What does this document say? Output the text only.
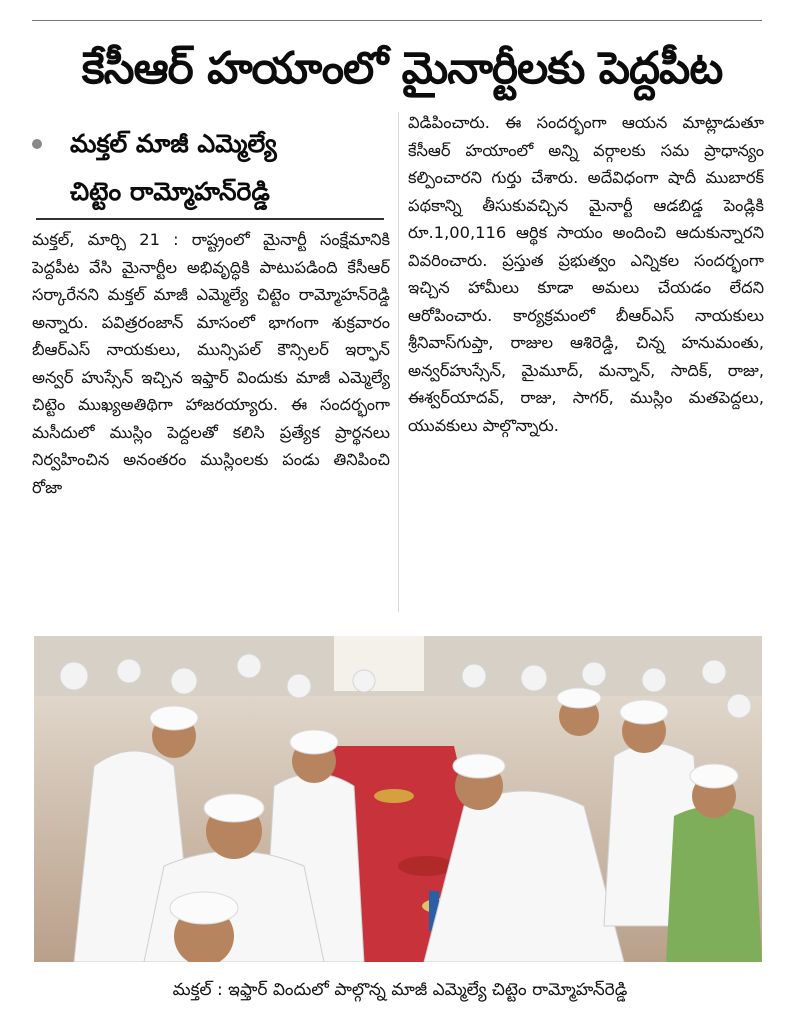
కేసీఆర్ హయాంలో మైనార్టీలకు పెద్దపీట
మక్తల్ మాజీ ఎమ్మెల్యే
చిట్టెం రామ్మోహన్‌రెడ్డి
మక్తల్, మార్చి 21 : రాష్ట్రంలో మైనార్టీ సంక్షేమానికి పెద్దపీట వేసి మైనార్టీల అభివృద్ధికి పాటుపడింది కేసీఆర్ సర్కారేనని మక్తల్ మాజీ ఎమ్మెల్యే చిట్టెం రామ్మోహన్‌రెడ్డి అన్నారు. పవిత్రరంజాన్ మాసంలో భాగంగా శుక్రవారం బీఆర్‌ఎస్ నాయకులు, మున్సిపల్ కౌన్సిలర్ ఇర్ఫాన్ అన్వర్ హుస్సేన్ ఇచ్చిన ఇఫ్తార్ విందుకు మాజీ ఎమ్మెల్యే చిట్టెం ముఖ్యఅతిథిగా హాజరయ్యారు. ఈ సందర్భంగా మసీదులో ముస్లిం పెద్దలతో కలిసి ప్రత్యేక ప్రార్థనలు నిర్వహించిన అనంతరం ముస్లింలకు పండు తినిపించి రోజా
విడిపించారు. ఈ సందర్భంగా ఆయన మాట్లాడుతూ కేసీఆర్ హయాంలో అన్ని వర్గాలకు సమ ప్రాధాన్యం కల్పించారని గుర్తు చేశారు. అదేవిధంగా షాదీ ముబారక్ పథకాన్ని తీసుకువచ్చిన మైనార్టీ ఆడబిడ్డ పెండ్లికి రూ.1,00,116 ఆర్థిక సాయం అందించి ఆదుకున్నారని వివరించారు. ప్రస్తుత ప్రభుత్వం ఎన్నికల సందర్భంగా ఇచ్చిన హామీలు కూడా అమలు చేయడం లేదని ఆరోపించారు. కార్యక్రమంలో బీఆర్‌ఎస్ నాయకులు శ్రీనివాస్‌గుప్తా, రాజుల ఆశిరెడ్డి, చిన్న హనుమంతు, అన్వర్‌హుస్సేన్, మైమూద్, మన్నాన్, సాదిక్, రాజు, ఈశ్వర్‌యాదవ్, రాజు, సాగర్, ముస్లిం మతపెద్దలు, యువకులు పాల్గొన్నారు.
మక్తల్ : ఇఫ్తార్ విందులో పాల్గొన్న మాజీ ఎమ్మెల్యే చిట్టెం రామ్మోహన్‌రెడ్డి
